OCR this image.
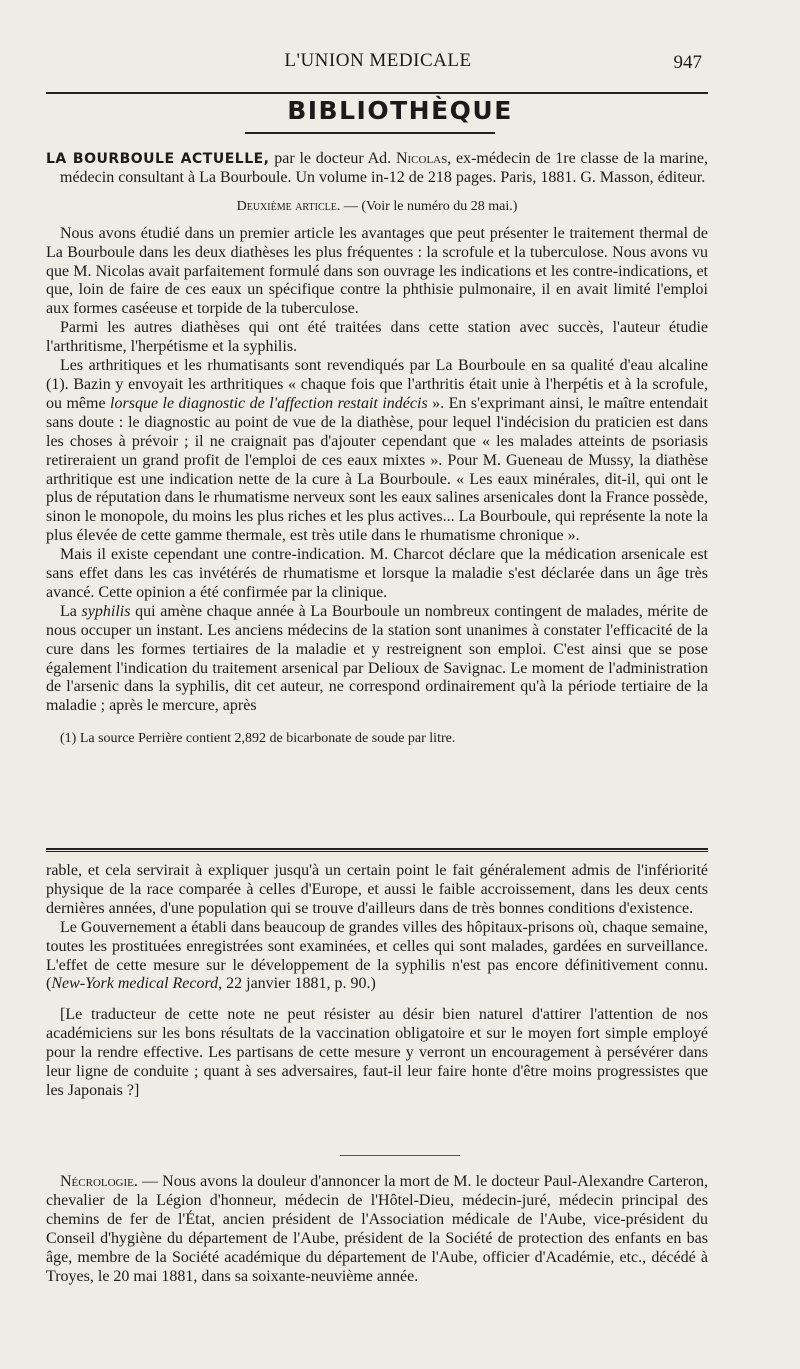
L'UNION MEDICALE	947
BIBLIOTHÈQUE

LA BOURBOULE ACTUELLE, par le docteur Ad. Nicolas, ex-médecin de 1re classe de la marine, médecin consultant à La Bourboule. Un volume in-12 de 218 pages. Paris, 1881. G. Masson, éditeur.

Deuxième article. — (Voir le numéro du 28 mai.)

Nous avons étudié dans un premier article les avantages que peut présenter le traitement thermal de La Bourboule dans les deux diathèses les plus fréquentes : la scrofule et la tuberculose. Nous avons vu que M. Nicolas avait parfaitement formulé dans son ouvrage les indications et les contre-indications, et que, loin de faire de ces eaux un spécifique contre la phthisie pulmonaire, il en avait limité l'emploi aux formes caséeuse et torpide de la tuberculose.

Parmi les autres diathèses qui ont été traitées dans cette station avec succès, l'auteur étudie l'arthritisme, l'herpétisme et la syphilis.

Les arthritiques et les rhumatisants sont revendiqués par La Bourboule en sa qualité d'eau alcaline (1). Bazin y envoyait les arthritiques « chaque fois que l'arthritis était unie à l'herpétis et à la scrofule, ou même lorsque le diagnostic de l'affection restait indécis ». En s'exprimant ainsi, le maître entendait sans doute : le diagnostic au point de vue de la diathèse, pour lequel l'indécision du praticien est dans les choses à prévoir ; il ne craignait pas d'ajouter cependant que « les malades atteints de psoriasis retireraient un grand profit de l'emploi de ces eaux mixtes ». Pour M. Gueneau de Mussy, la diathèse arthritique est une indication nette de la cure à La Bourboule. « Les eaux minérales, dit-il, qui ont le plus de réputation dans le rhumatisme nerveux sont les eaux salines arsenicales dont la France possède, sinon le monopole, du moins les plus riches et les plus actives... La Bourboule, qui représente la note la plus élevée de cette gamme thermale, est très utile dans le rhumatisme chronique ».

Mais il existe cependant une contre-indication. M. Charcot déclare que la médication arsenicale est sans effet dans les cas invétérés de rhumatisme et lorsque la maladie s'est déclarée dans un âge très avancé. Cette opinion a été confirmée par la clinique.

La syphilis qui amène chaque année à La Bourboule un nombreux contingent de malades, mérite de nous occuper un instant. Les anciens médecins de la station sont unanimes à constater l'efficacité de la cure dans les formes tertiaires de la maladie et y restreignent son emploi. C'est ainsi que se pose également l'indication du traitement arsenical par Delioux de Savignac. Le moment de l'administration de l'arsenic dans la syphilis, dit cet auteur, ne correspond ordinairement qu'à la période tertiaire de la maladie ; après le mercure, après

(1) La source Perrière contient 2,892 de bicarbonate de soude par litre.

rable, et cela servirait à expliquer jusqu'à un certain point le fait généralement admis de l'infériorité physique de la race comparée à celles d'Europe, et aussi le faible accroissement, dans les deux cents dernières années, d'une population qui se trouve d'ailleurs dans de très bonnes conditions d'existence.

Le Gouvernement a établi dans beaucoup de grandes villes des hôpitaux-prisons où, chaque semaine, toutes les prostituées enregistrées sont examinées, et celles qui sont malades, gardées en surveillance. L'effet de cette mesure sur le développement de la syphilis n'est pas encore définitivement connu. (New-York medical Record, 22 janvier 1881, p. 90.)

[Le traducteur de cette note ne peut résister au désir bien naturel d'attirer l'attention de nos académiciens sur les bons résultats de la vaccination obligatoire et sur le moyen fort simple employé pour la rendre effective. Les partisans de cette mesure y verront un encouragement à persévérer dans leur ligne de conduite ; quant à ses adversaires, faut-il leur faire honte d'être moins progressistes que les Japonais ?]

Nécrologie. — Nous avons la douleur d'annoncer la mort de M. le docteur Paul-Alexandre Carteron, chevalier de la Légion d'honneur, médecin de l'Hôtel-Dieu, médecin-juré, médecin principal des chemins de fer de l'État, ancien président de l'Association médicale de l'Aube, vice-président du Conseil d'hygiène du département de l'Aube, président de la Société de protection des enfants en bas âge, membre de la Société académique du département de l'Aube, officier d'Académie, etc., décédé à Troyes, le 20 mai 1881, dans sa soixante-neuvième année.
